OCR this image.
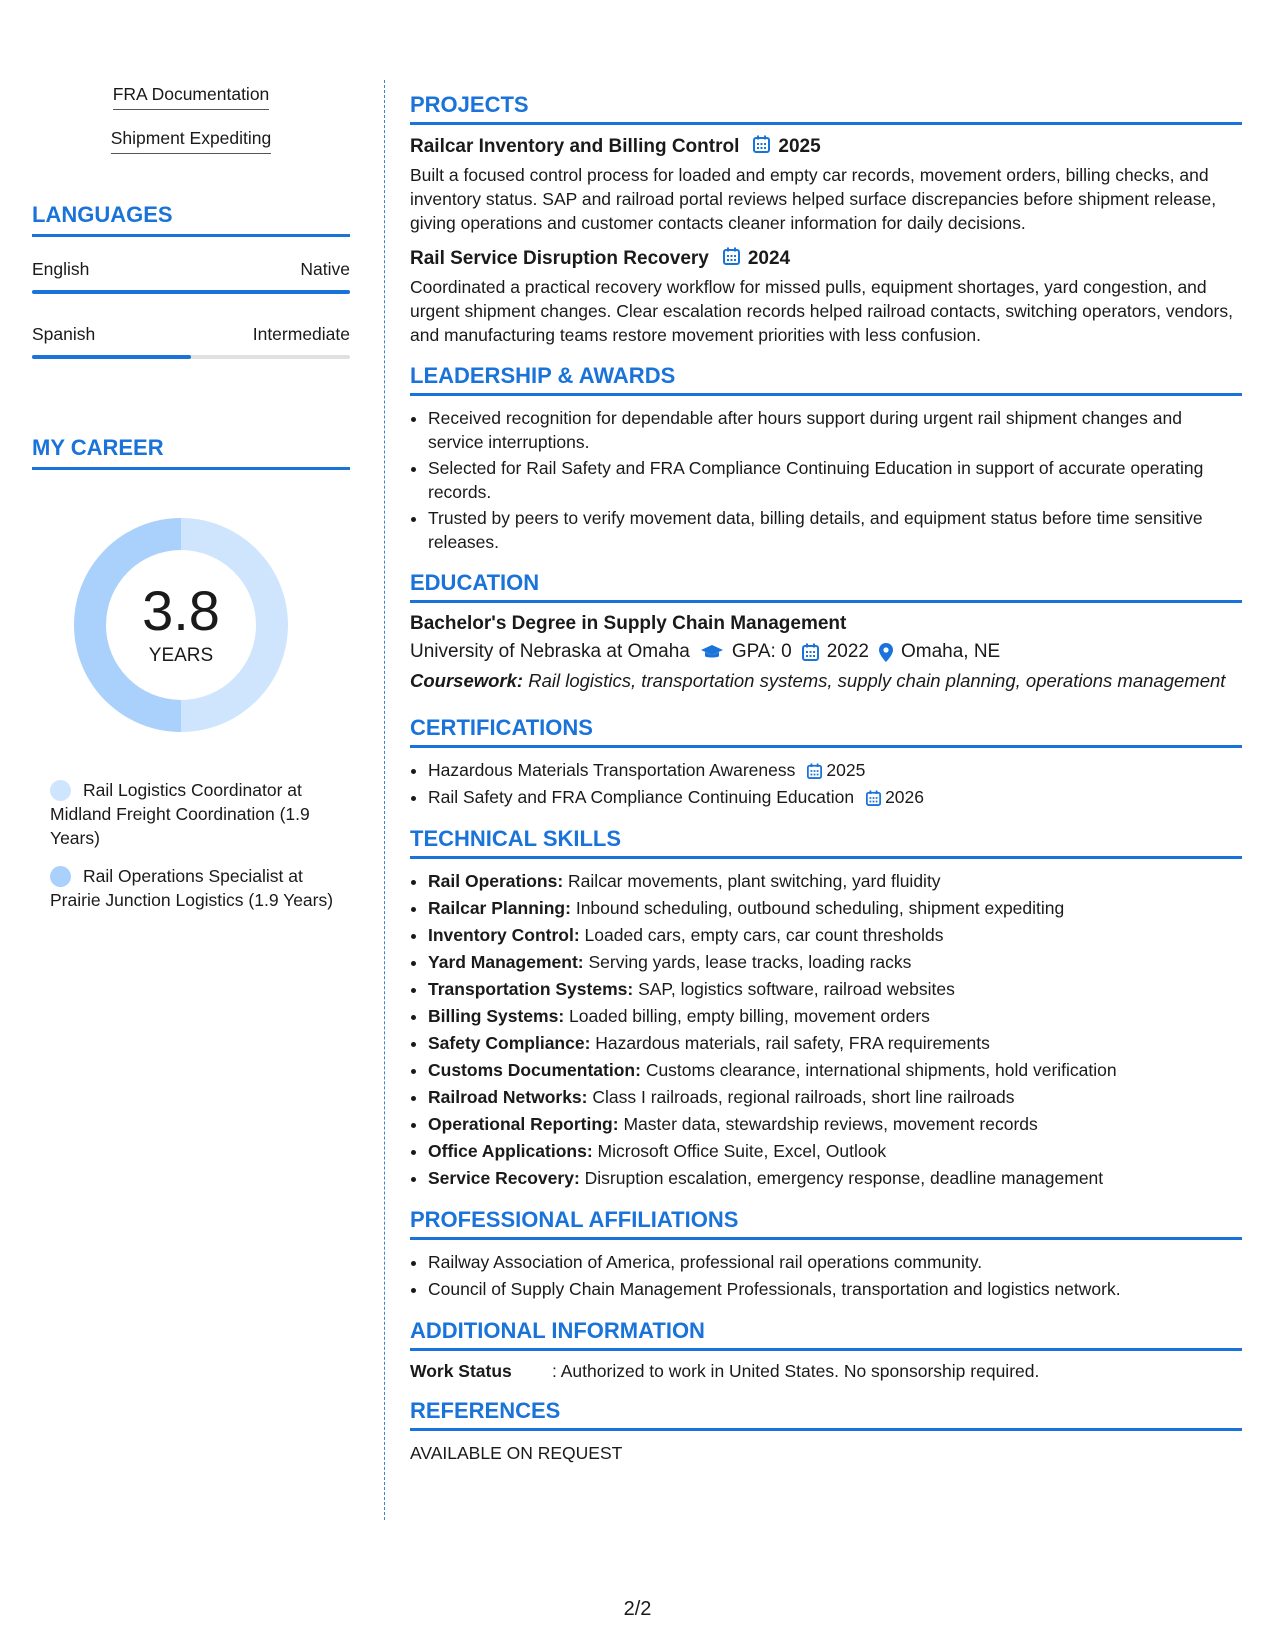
FRA Documentation
Shipment Expediting
LANGUAGES
English	Native
Spanish	Intermediate
MY CAREER
3.8
YEARS
Rail Logistics Coordinator at Midland Freight Coordination (1.9 Years)
Rail Operations Specialist at Prairie Junction Logistics (1.9 Years)
PROJECTS
Railcar Inventory and Billing Control 2025
Built a focused control process for loaded and empty car records, movement orders, billing checks, and inventory status. SAP and railroad portal reviews helped surface discrepancies before shipment release, giving operations and customer contacts cleaner information for daily decisions.
Rail Service Disruption Recovery 2024
Coordinated a practical recovery workflow for missed pulls, equipment shortages, yard congestion, and urgent shipment changes. Clear escalation records helped railroad contacts, switching operators, vendors, and manufacturing teams restore movement priorities with less confusion.
LEADERSHIP & AWARDS
• Received recognition for dependable after hours support during urgent rail shipment changes and service interruptions.
• Selected for Rail Safety and FRA Compliance Continuing Education in support of accurate operating records.
• Trusted by peers to verify movement data, billing details, and equipment status before time sensitive releases.
EDUCATION
Bachelor's Degree in Supply Chain Management
University of Nebraska at Omaha GPA: 0 2022 Omaha, NE
Coursework: Rail logistics, transportation systems, supply chain planning, operations management
CERTIFICATIONS
• Hazardous Materials Transportation Awareness 2025
• Rail Safety and FRA Compliance Continuing Education 2026
TECHNICAL SKILLS
• Rail Operations: Railcar movements, plant switching, yard fluidity
• Railcar Planning: Inbound scheduling, outbound scheduling, shipment expediting
• Inventory Control: Loaded cars, empty cars, car count thresholds
• Yard Management: Serving yards, lease tracks, loading racks
• Transportation Systems: SAP, logistics software, railroad websites
• Billing Systems: Loaded billing, empty billing, movement orders
• Safety Compliance: Hazardous materials, rail safety, FRA requirements
• Customs Documentation: Customs clearance, international shipments, hold verification
• Railroad Networks: Class I railroads, regional railroads, short line railroads
• Operational Reporting: Master data, stewardship reviews, movement records
• Office Applications: Microsoft Office Suite, Excel, Outlook
• Service Recovery: Disruption escalation, emergency response, deadline management
PROFESSIONAL AFFILIATIONS
• Railway Association of America, professional rail operations community.
• Council of Supply Chain Management Professionals, transportation and logistics network.
ADDITIONAL INFORMATION
Work Status	: Authorized to work in United States. No sponsorship required.
REFERENCES
AVAILABLE ON REQUEST
2/2
